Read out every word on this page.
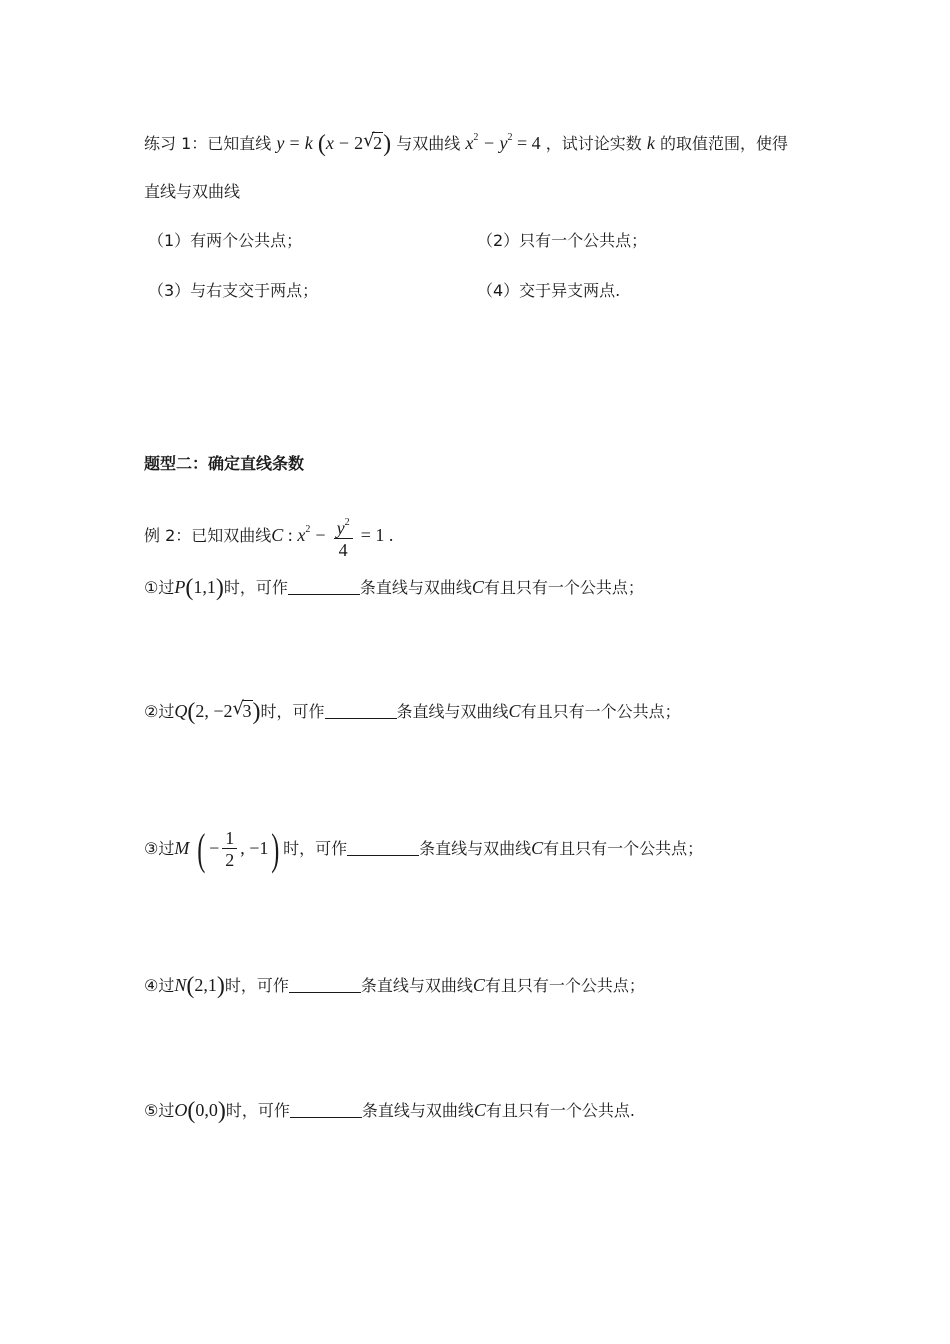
练习 1：已知直线 y = k (x − 2 √
2) 与双曲线 $x^2 - y^2 = 4$ ，试讨论实数 k 的取值范围，使得
直线与双曲线
（1）有两个公共点；	（2）只有一个公共点；
（3）与右支交于两点；	（4）交于异支两点.
题型二：确定直线条数
例 2：已知双曲线C : $x^2 - \frac{y^2}{4} = 1$ .
①过P(1,1)时，可作	条直线与双曲线C有且只有一个公共点；
②过Q(2, −2 √
3)时，可作	条直线与双曲线C有且只有一个公共点；
③过M ( − $\frac{1}{2}$ , −1) 时，可作	条直线与双曲线C有且只有一个公共点；
④过N(2,1)时，可作	条直线与双曲线C有且只有一个公共点；
⑤过O(0,0)时，可作	条直线与双曲线C有且只有一个公共点.
